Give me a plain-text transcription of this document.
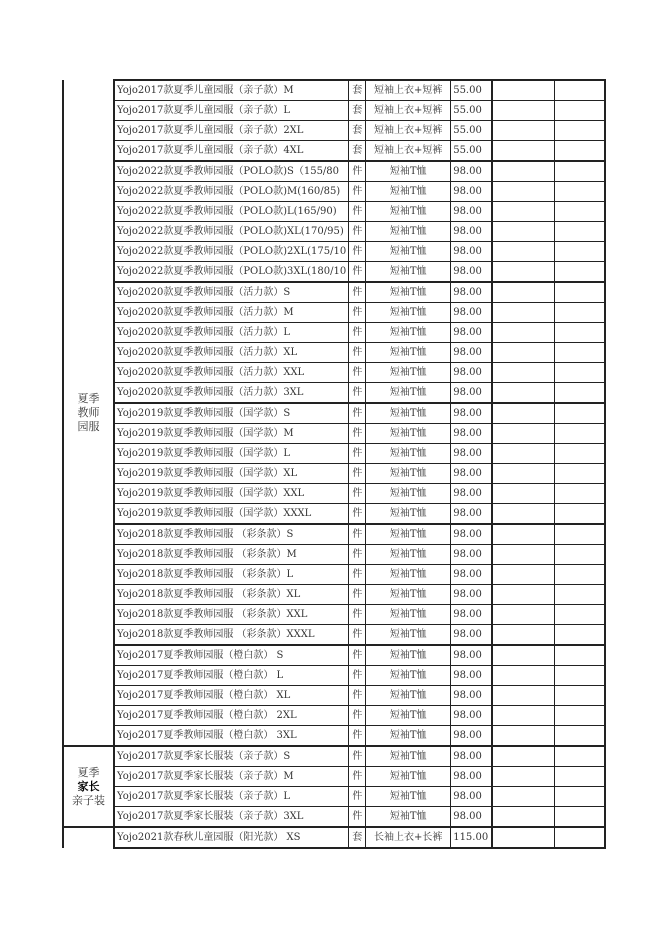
夏季
教师
园服	Yojo2017款夏季儿童园服（亲子款）M	套	短袖上衣+短裤	55.00		
	Yojo2017款夏季儿童园服（亲子款）L	套	短袖上衣+短裤	55.00		
	Yojo2017款夏季儿童园服（亲子款）2XL	套	短袖上衣+短裤	55.00		
	Yojo2017款夏季儿童园服（亲子款）4XL	套	短袖上衣+短裤	55.00		
	Yojo2022款夏季教师园服（POLO款)S（155/80	件	短袖T恤	98.00		
	Yojo2022款夏季教师园服（POLO款)M(160/85)	件	短袖T恤	98.00		
	Yojo2022款夏季教师园服（POLO款)L(165/90)	件	短袖T恤	98.00		
	Yojo2022款夏季教师园服（POLO款)XL(170/95)	件	短袖T恤	98.00		
	Yojo2022款夏季教师园服（POLO款)2XL(175/10	件	短袖T恤	98.00		
	Yojo2022款夏季教师园服（POLO款)3XL(180/10	件	短袖T恤	98.00		
	Yojo2020款夏季教师园服（活力款）S	件	短袖T恤	98.00		
	Yojo2020款夏季教师园服（活力款）M	件	短袖T恤	98.00		
	Yojo2020款夏季教师园服（活力款）L	件	短袖T恤	98.00		
	Yojo2020款夏季教师园服（活力款）XL	件	短袖T恤	98.00		
	Yojo2020款夏季教师园服（活力款）XXL	件	短袖T恤	98.00		
	Yojo2020款夏季教师园服（活力款）3XL	件	短袖T恤	98.00		
	Yojo2019款夏季教师园服（国学款）S	件	短袖T恤	98.00		
	Yojo2019款夏季教师园服（国学款）M	件	短袖T恤	98.00		
	Yojo2019款夏季教师园服（国学款）L	件	短袖T恤	98.00		
	Yojo2019款夏季教师园服（国学款）XL	件	短袖T恤	98.00		
	Yojo2019款夏季教师园服（国学款）XXL	件	短袖T恤	98.00		
	Yojo2019款夏季教师园服（国学款）XXXL	件	短袖T恤	98.00		
	Yojo2018款夏季教师园服 （彩条款）S	件	短袖T恤	98.00		
	Yojo2018款夏季教师园服 （彩条款）M	件	短袖T恤	98.00		
	Yojo2018款夏季教师园服 （彩条款）L	件	短袖T恤	98.00		
	Yojo2018款夏季教师园服 （彩条款）XL	件	短袖T恤	98.00		
	Yojo2018款夏季教师园服 （彩条款）XXL	件	短袖T恤	98.00		
	Yojo2018款夏季教师园服 （彩条款）XXXL	件	短袖T恤	98.00		
	Yojo2017夏季教师园服（橙白款） S	件	短袖T恤	98.00		
	Yojo2017夏季教师园服（橙白款） L	件	短袖T恤	98.00		
	Yojo2017夏季教师园服（橙白款） XL	件	短袖T恤	98.00		
	Yojo2017夏季教师园服（橙白款） 2XL	件	短袖T恤	98.00		
	Yojo2017夏季教师园服（橙白款） 3XL	件	短袖T恤	98.00		
夏季
家长
亲子装	Yojo2017款夏季家长服装（亲子款）S	件	短袖T恤	98.00		
	Yojo2017款夏季家长服装（亲子款）M	件	短袖T恤	98.00		
	Yojo2017款夏季家长服装（亲子款）L	件	短袖T恤	98.00		
	Yojo2017款夏季家长服装（亲子款）3XL	件	短袖T恤	98.00		
	Yojo2021款春秋儿童园服（阳光款） XS	套	长袖上衣+长裤	115.00		
